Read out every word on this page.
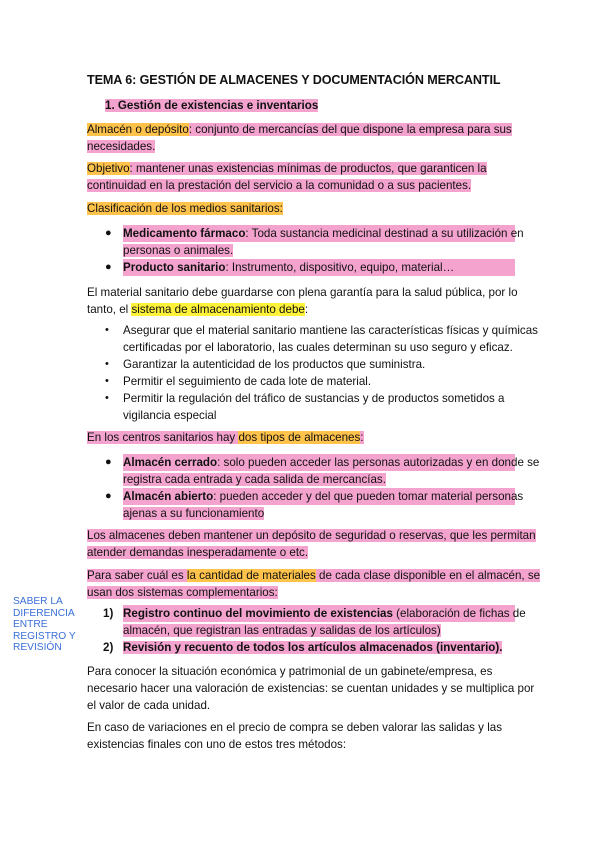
TEMA 6: GESTIÓN DE ALMACENES Y DOCUMENTACIÓN MERCANTIL
1. Gestión de existencias e inventarios
Almacén o depósito: conjunto de mercancías del que dispone la empresa para sus
necesidades.
Objetivo: mantener unas existencias mínimas de productos, que garanticen la
continuidad en la prestación del servicio a la comunidad o a sus pacientes.
Clasificación de los medios sanitarios:
● Medicamento fármaco: Toda sustancia medicinal destinad a su utilización en
personas o animales.
● Producto sanitario: Instrumento, dispositivo, equipo, material…
El material sanitario debe guardarse con plena garantía para la salud pública, por lo
tanto, el sistema de almacenamiento debe:
• Asegurar que el material sanitario mantiene las características físicas y químicas
certificadas por el laboratorio, las cuales determinan su uso seguro y eficaz.
• Garantizar la autenticidad de los productos que suministra.
• Permitir el seguimiento de cada lote de material.
• Permitir la regulación del tráfico de sustancias y de productos sometidos a
vigilancia especial
En los centros sanitarios hay dos tipos de almacenes:
● Almacén cerrado: solo pueden acceder las personas autorizadas y en donde se
registra cada entrada y cada salida de mercancías.
● Almacén abierto: pueden acceder y del que pueden tomar material personas
ajenas a su funcionamiento
Los almacenes deben mantener un depósito de seguridad o reservas, que les permitan
atender demandas inesperadamente o etc.
Para saber cuál es la cantidad de materiales de cada clase disponible en el almacén, se
usan dos sistemas complementarios:
SABER LA
DIFERENCIA
ENTRE
REGISTRO Y
REVISIÓN
1) Registro continuo del movimiento de existencias (elaboración de fichas de
almacén, que registran las entradas y salidas de los artículos)
2) Revisión y recuento de todos los artículos almacenados (inventario).
Para conocer la situación económica y patrimonial de un gabinete/empresa, es
necesario hacer una valoración de existencias: se cuentan unidades y se multiplica por
el valor de cada unidad.
En caso de variaciones en el precio de compra se deben valorar las salidas y las
existencias finales con uno de estos tres métodos:
